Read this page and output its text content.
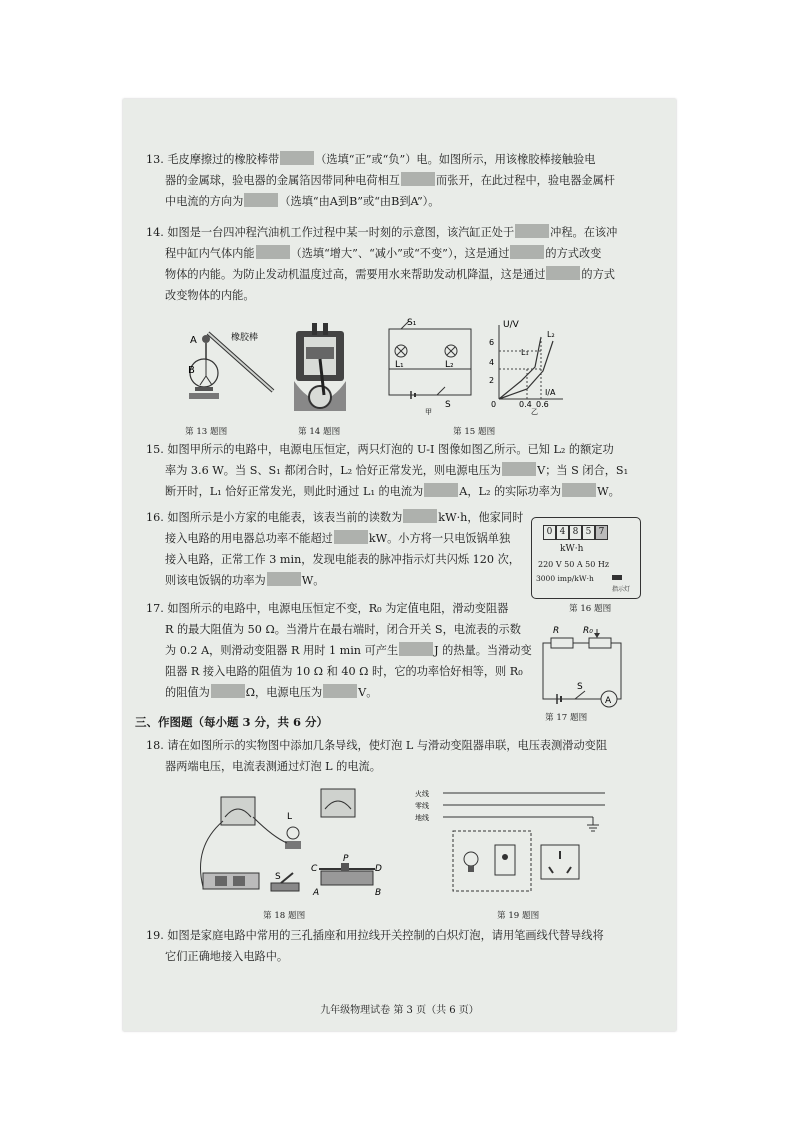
13. 毛皮摩擦过的橡胶棒带	（选填“正”或“负”）电。如图所示，用该橡胶棒接触验电
器的金属球，验电器的金属箔因带同种电荷相互	而张开，在此过程中，验电器金属杆
中电流的方向为	（选填“由A到B”或“由B到A”）。
14. 如图是一台四冲程汽油机工作过程中某一时刻的示意图，该汽缸正处于	冲程。在该冲
程中缸内气体内能	（选填“增大”、“减小”或“不变”），这是通过	的方式改变
物体的内能。为防止发动机温度过高，需要用水来帮助发动机降温，这是通过	的方式
改变物体的内能。
A
B
橡胶棒
第 13 题图	第 14 题图
S₁
L₁	L₂
S
甲
U/V
I/A
6
4
2
0	0.4 0.6
L₁
L₂
乙
第 15 题图
15. 如图甲所示的电路中，电源电压恒定，两只灯泡的 U-I 图像如图乙所示。已知 L₂ 的额定功
率为 3.6 W。当 S、S₁ 都闭合时，L₂ 恰好正常发光，则电源电压为	V；当 S 闭合，S₁
断开时，L₁ 恰好正常发光，则此时通过 L₁ 的电流为	A，L₂ 的实际功率为	W。
16. 如图所示是小方家的电能表，该表当前的读数为	kW·h，他家同时
接入电路的用电器总功率不能超过	kW。小方将一只电饭锅单独
接入电路，正常工作 3 min，发现电能表的脉冲指示灯共闪烁 120 次，
则该电饭锅的功率为	W。
0 4 8 5 7
kW·h
220 V 50 A 50 Hz
3000 imp/kW·h
指示灯
第 16 题图
17. 如图所示的电路中，电源电压恒定不变，R₀ 为定值电阻，滑动变阻器
R 的最大阻值为 50 Ω。当滑片在最右端时，闭合开关 S，电流表的示数
为 0.2 A，则滑动变阻器 R 用时 1 min 可产生	J 的热量。当滑动变
阻器 R 接入电路的阻值为 10 Ω 和 40 Ω 时，它的功率恰好相等，则 R₀
的阻值为	Ω，电源电压为	V。
A
R	R₀
S
第 17 题图
三、作图题（每小题 3 分，共 6 分）
18. 请在如图所示的实物图中添加几条导线，使灯泡 L 与滑动变阻器串联，电压表测滑动变阻
器两端电压，电流表测通过灯泡 L 的电流。
L
S
C
P
D
A	B
第 18 题图
火线
零线
地线
第 19 题图
19. 如图是家庭电路中常用的三孔插座和用拉线开关控制的白炽灯泡，请用笔画线代替导线将
它们正确地接入电路中。
九年级物理试卷 第 3 页（共 6 页）
